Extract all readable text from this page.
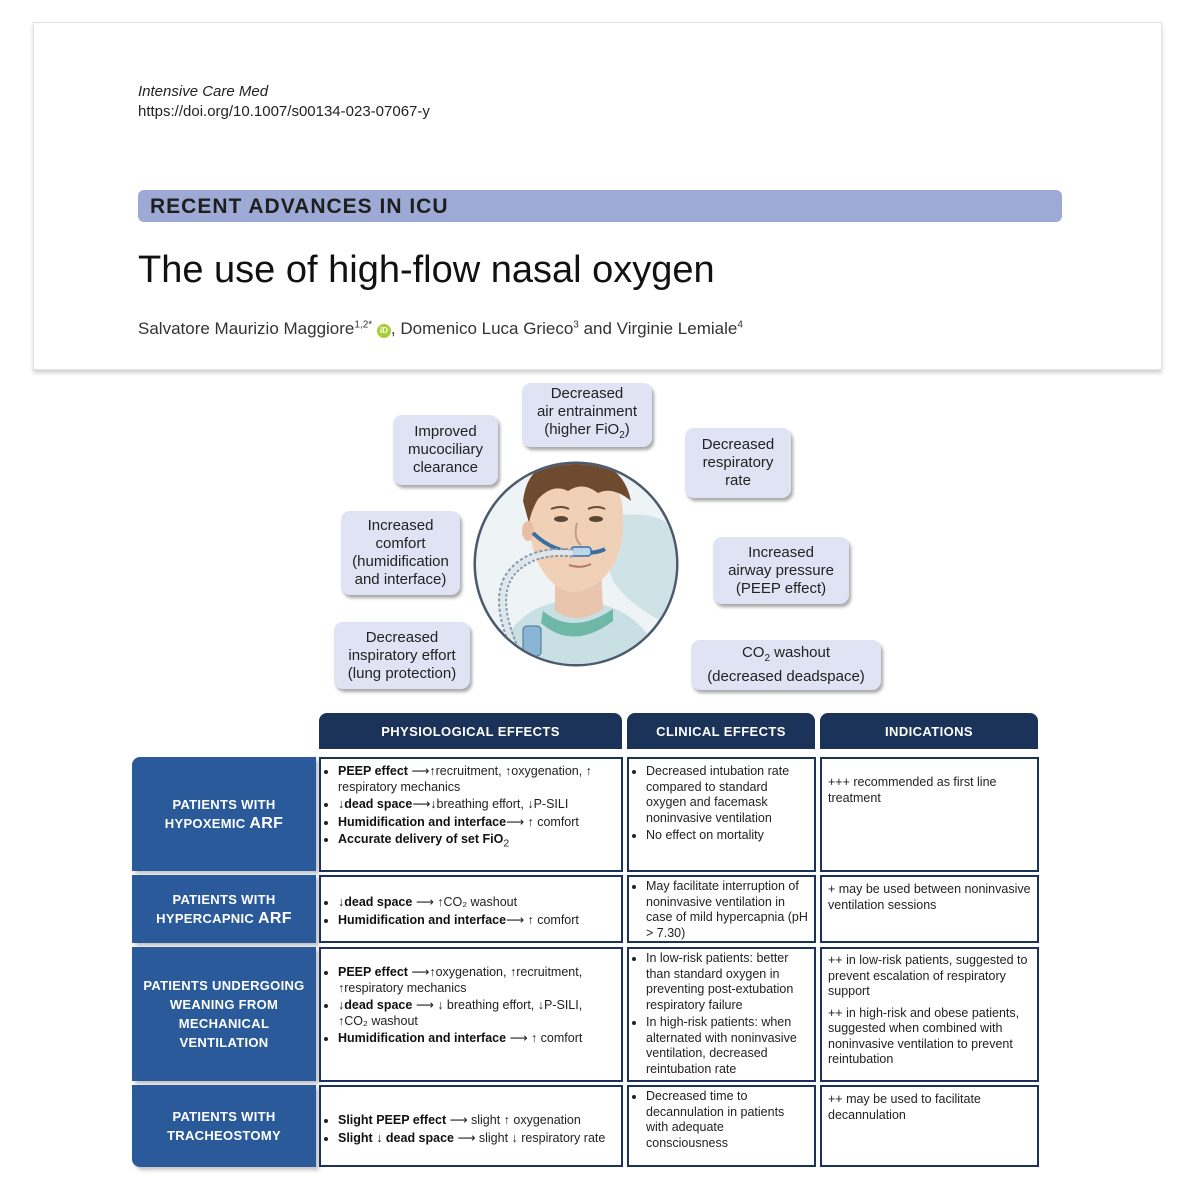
Intensive Care Med
https://doi.org/10.1007/s00134-023-07067-y
RECENT ADVANCES IN ICU
The use of high-flow nasal oxygen
Salvatore Maurizio Maggiore$^{1,2*}$ iD , Domenico Luca Grieco$^3$ and Virginie Lemiale$^4$
Decreased
air entrainment
(higher FiO$_2$)
Improved
mucociliary
clearance
Decreased
respiratory
rate
Increased
comfort
(humidification
and interface)
Increased
airway pressure
(PEEP effect)
Decreased
inspiratory effort
(lung protection)
$CO_2$ washout
(decreased deadspace)
PHYSIOLOGICAL EFFECTS	CLINICAL EFFECTS	INDICATIONS
PATIENTS WITH
HYPOXEMIC ARF
PATIENTS WITH
HYPERCAPNIC ARF
PATIENTS UNDERGOING
WEANING FROM
MECHANICAL
VENTILATION
PATIENTS WITH
TRACHEOSTOMY
• PEEP effect ⟶↑recruitment, ↑oxygenation, ↑ respiratory mechanics
• ↓dead space⟶↓breathing effort, ↓P-SILI
• Humidification and interface⟶ ↑ comfort
• Accurate delivery of set FiO$_2$
• Decreased intubation rate compared to standard oxygen and facemask noninvasive ventilation
• No effect on mortality

+++ recommended as first line treatment

• ↓dead space ⟶ ↑CO₂ washout
• Humidification and interface⟶ ↑ comfort
• May facilitate interruption of noninvasive ventilation in case of mild hypercapnia (pH > 7.30)

+ may be used between noninvasive ventilation sessions

• PEEP effect ⟶↑oxygenation, ↑recruitment, ↑respiratory mechanics
• ↓dead space ⟶ ↓ breathing effort, ↓P-SILI, ↑CO₂ washout
• Humidification and interface ⟶ ↑ comfort
• In low-risk patients: better than standard oxygen in preventing post-extubation respiratory failure
• In high-risk patients: when alternated with noninvasive ventilation, decreased reintubation rate

++ in low-risk patients, suggested to prevent escalation of respiratory support

++ in high-risk and obese patients, suggested when combined with noninvasive ventilation to prevent reintubation

• Slight PEEP effect ⟶ slight ↑ oxygenation
• Slight ↓ dead space ⟶ slight ↓ respiratory rate
• Decreased time to decannulation in patients with adequate consciousness

++ may be used to facilitate decannulation
